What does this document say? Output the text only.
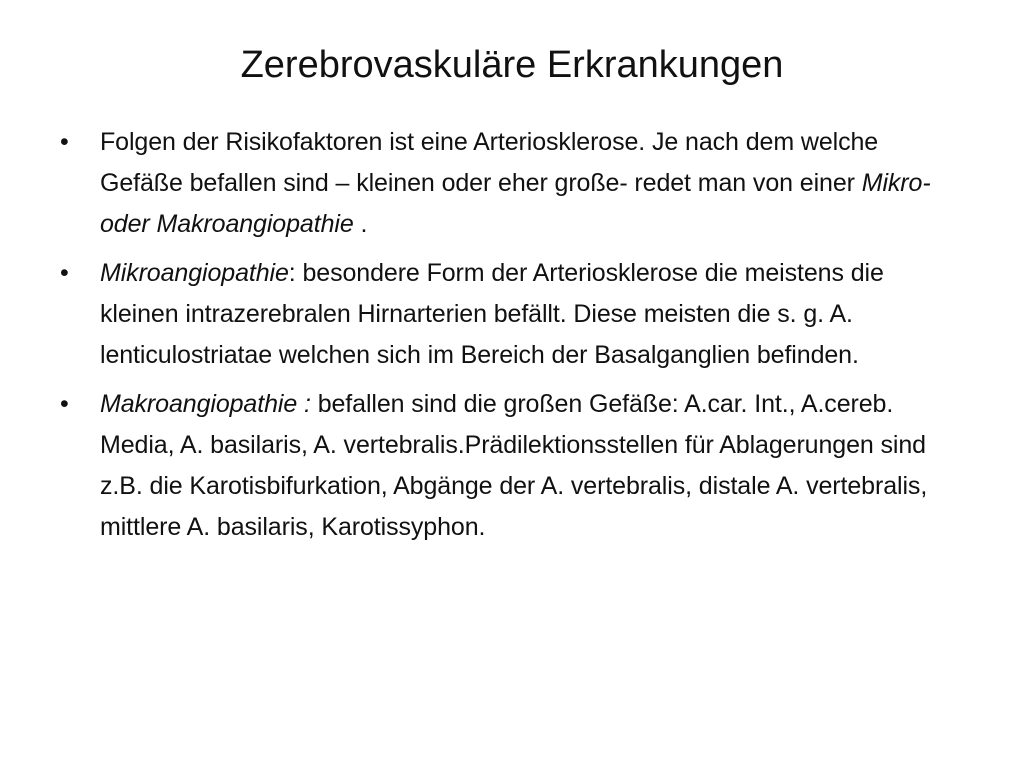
Zerebrovaskuläre Erkrankungen
•	Folgen der Risikofaktoren ist eine Arteriosklerose. Je nach dem welche Gefäße befallen sind – kleinen oder eher große- redet man von einer Mikro- oder Makroangiopathie .
•	Mikroangiopathie: besondere Form der Arteriosklerose die meistens die kleinen intrazerebralen Hirnarterien befällt. Diese meisten die s. g. A. lenticulostriatae welchen sich im Bereich der Basalganglien befinden.
•	Makroangiopathie : befallen sind die großen Gefäße: A.car. Int., A.cereb. Media, A. basilaris, A. vertebralis.Prädilektionsstellen für Ablagerungen sind z.B. die Karotisbifurkation, Abgänge der A. vertebralis, distale A. vertebralis, mittlere A. basilaris, Karotissyphon.
